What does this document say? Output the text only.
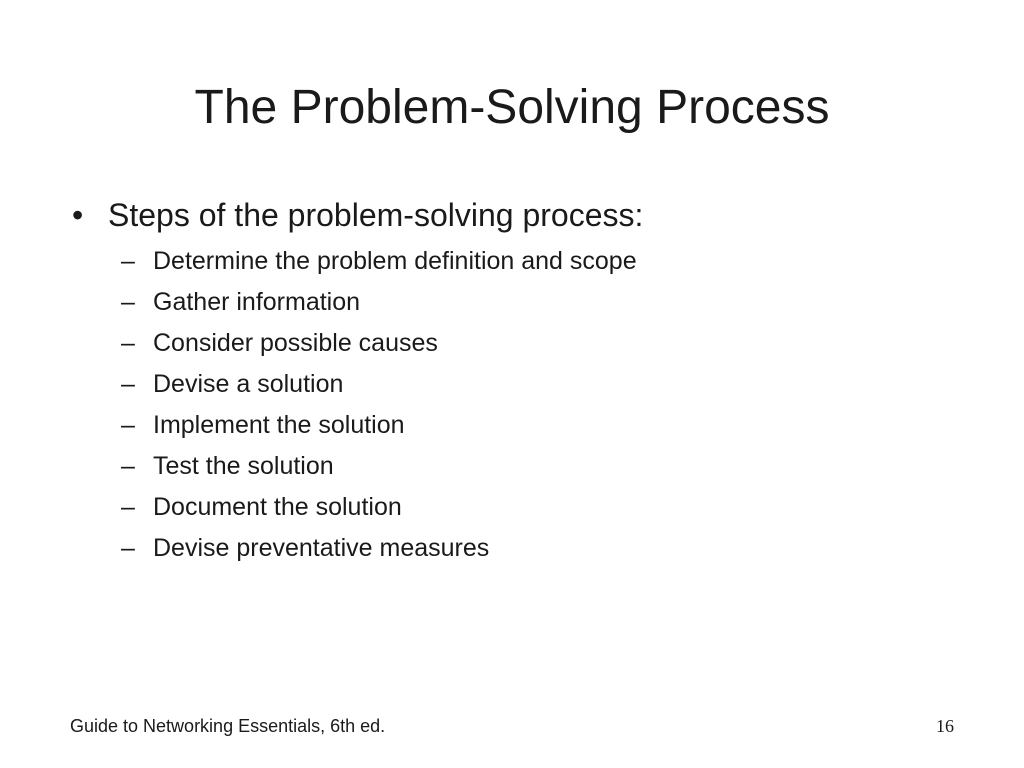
The Problem-Solving Process
• Steps of the problem-solving process:
– Determine the problem definition and scope
– Gather information
– Consider possible causes
– Devise a solution
– Implement the solution
– Test the solution
– Document the solution
– Devise preventative measures
Guide to Networking Essentials, 6th ed.	16
